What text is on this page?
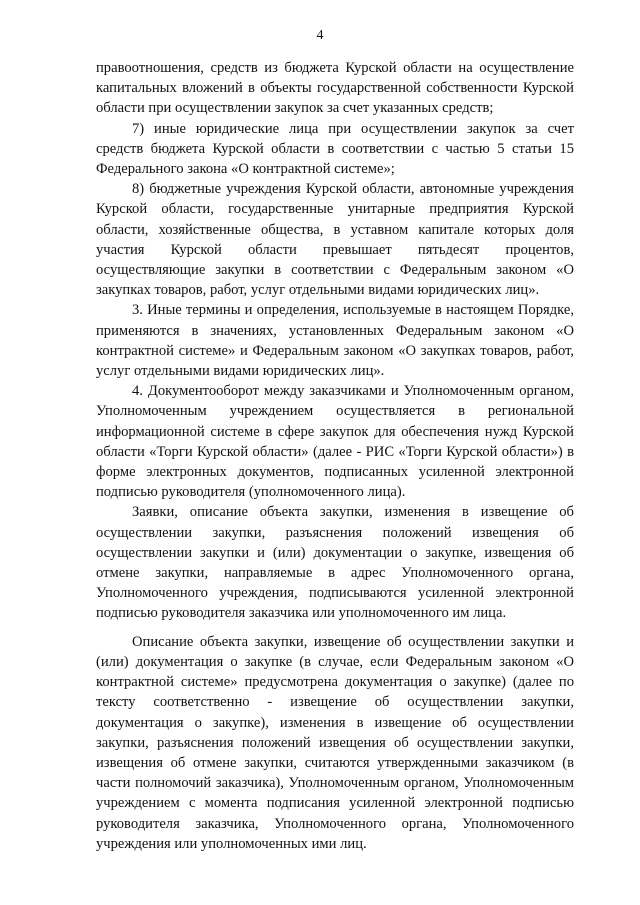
4

правоотношения, средств из бюджета Курской области на осуществление капитальных вложений в объекты государственной собственности Курской области при осуществлении закупок за счет указанных средств;

7) иные юридические лица при осуществлении закупок за счет средств бюджета Курской области в соответствии с частью 5 статьи 15 Федерального закона «О контрактной системе»;

8) бюджетные учреждения Курской области, автономные учреждения Курской области, государственные унитарные предприятия Курской области, хозяйственные общества, в уставном капитале которых доля участия Курской области превышает пятьдесят процентов, осуществляющие закупки в соответствии с Федеральным законом «О закупках товаров, работ, услуг отдельными видами юридических лиц».

3. Иные термины и определения, используемые в настоящем Порядке, применяются в значениях, установленных Федеральным законом «О контрактной системе» и Федеральным законом «О закупках товаров, работ, услуг отдельными видами юридических лиц».

4. Документооборот между заказчиками и Уполномоченным органом, Уполномоченным учреждением осуществляется в региональной информационной системе в сфере закупок для обеспечения нужд Курской области «Торги Курской области» (далее - РИС «Торги Курской области») в форме электронных документов, подписанных усиленной электронной подписью руководителя (уполномоченного лица).

Заявки, описание объекта закупки, изменения в извещение об осуществлении закупки, разъяснения положений извещения об осуществлении закупки и (или) документации о закупке, извещения об отмене закупки, направляемые в адрес Уполномоченного органа, Уполномоченного учреждения, подписываются усиленной электронной подписью руководителя заказчика или уполномоченного им лица.

Описание объекта закупки, извещение об осуществлении закупки и (или) документация о закупке (в случае, если Федеральным законом «О контрактной системе» предусмотрена документация о закупке) (далее по тексту соответственно - извещение об осуществлении закупки, документация о закупке), изменения в извещение об осуществлении закупки, разъяснения положений извещения об осуществлении закупки, извещения об отмене закупки, считаются утвержденными заказчиком (в части полномочий заказчика), Уполномоченным органом, Уполномоченным учреждением с момента подписания усиленной электронной подписью руководителя заказчика, Уполномоченного органа, Уполномоченного учреждения или уполномоченных ими лиц.
